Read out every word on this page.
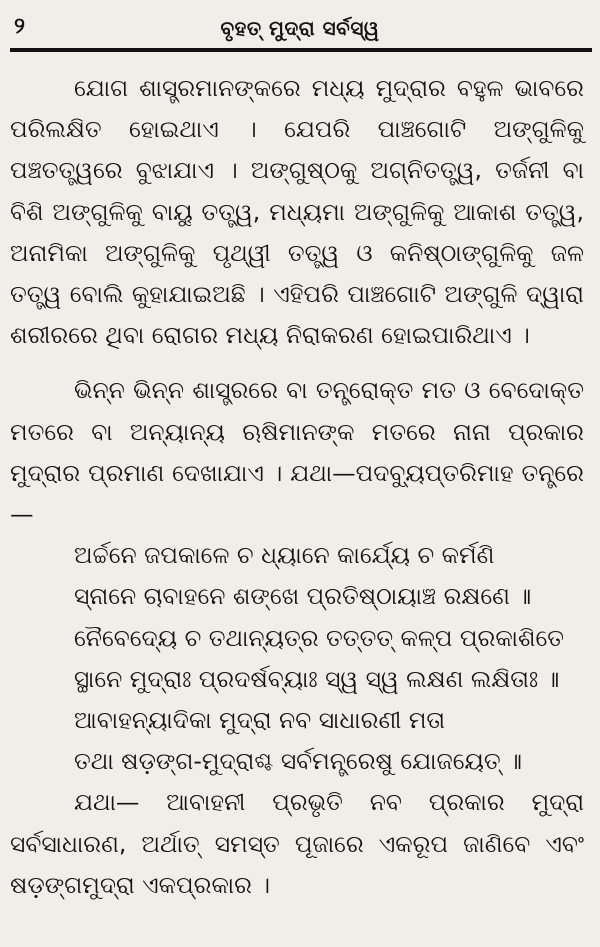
୨	ବୃହତ୍ ମୁଦ୍ରା ସର୍ବସ୍ୱ

ଯୋଗ ଶାସ୍ତ୍ରମାନଙ୍କରେ ମଧ୍ୟ ମୁଦ୍ରାର ବହୁଳ ଭାବରେ ପରିଲକ୍ଷିତ ହୋଇଥାଏ । ଯେପରି ପାଞ୍ଚଗୋଟି ଅଙ୍ଗୁଳିକୁ ପଞ୍ଚତତ୍ତ୍ୱରେ ବୁଝାଯାଏ । ଅଙ୍ଗୁଷ୍ଠକୁ ଅଗ୍ନିତତ୍ତ୍ୱ, ତର୍ଜନୀ ବା ବିଶି ଅଙ୍ଗୁଳିକୁ ବାୟୁ ତତ୍ତ୍ୱ, ମଧ୍ୟମା ଅଙ୍ଗୁଳିକୁ ଆକାଶ ତତ୍ତ୍ୱ, ଅନାମିକା ଅଙ୍ଗୁଳିକୁ ପୃଥ୍ୱୀ ତତ୍ତ୍ୱ ଓ କନିଷ୍ଠାଙ୍ଗୁଳିକୁ ଜଳ ତତ୍ତ୍ୱ ବୋଲି କୁହାଯାଇଅଛି । ଏହିପରି ପାଞ୍ଚଗୋଟି ଅଙ୍ଗୁଳି ଦ୍ୱାରା ଶରୀରରେ ଥିବା ରୋଗର ମଧ୍ୟ ନିରାକରଣ ହୋଇପାରିଥାଏ ।

ଭିନ୍ନ ଭିନ୍ନ ଶାସ୍ତ୍ରରେ ବା ତନ୍ତ୍ରୋକ୍ତ ମତ ଓ ବେଦୋକ୍ତ ମତରେ ବା ଅନ୍ୟାନ୍ୟ ଋଷିମାନଙ୍କ ମତରେ ନାନା ପ୍ରକାର ମୁଦ୍ରାର ପ୍ରମାଣ ଦେଖାଯାଏ । ଯଥା—ପଦବ୍ୟୁପ୍ତରିମାହ ତନ୍ତ୍ରେ—

ଅର୍ଚ୍ଚନେ ଜପକାଳେ ଚ ଧ୍ୟାନେ କାର୍ଯ୍ୟେ ଚ କର୍ମଣି

ସ୍ନାନେ ଚାବାହନେ ଶଙ୍ଖେ ପ୍ରତିଷ୍ଠାୟାଞ୍ଚ ରକ୍ଷଣେ ॥

ନୈବେଦ୍ୟେ ଚ ତଥାନ୍ୟତ୍ର ତତ୍ତତ୍ କଳ୍ପ ପ୍ରକାଶିତେ

ସ୍ଥାନେ ମୁଦ୍ରାଃ ପ୍ରଦର୍ଷବ୍ୟାଃ ସ୍ୱ ସ୍ୱ ଲକ୍ଷଣ ଲକ୍ଷିତାଃ ॥

ଆବାହନ୍ୟାଦିକା ମୁଦ୍ରା ନବ ସାଧାରଣୀ ମତା

ତଥା ଷଡ଼ଙ୍ଗ-ମୁଦ୍ରାଶ୍ଚ ସର୍ବମନ୍ତ୍ରେଷୁ ଯୋଜୟେତ୍ ॥

ଯଥା— ଆବାହନୀ ପ୍ରଭୃତି ନବ ପ୍ରକାର ମୁଦ୍ରା ସର୍ବସାଧାରଣ, ଅର୍ଥାତ୍ ସମସ୍ତ ପୂଜାରେ ଏକରୂପ ଜାଣିବେ ଏବଂ ଷଡ଼ଙ୍ଗମୁଦ୍ରା ଏକପ୍ରକାର ।
